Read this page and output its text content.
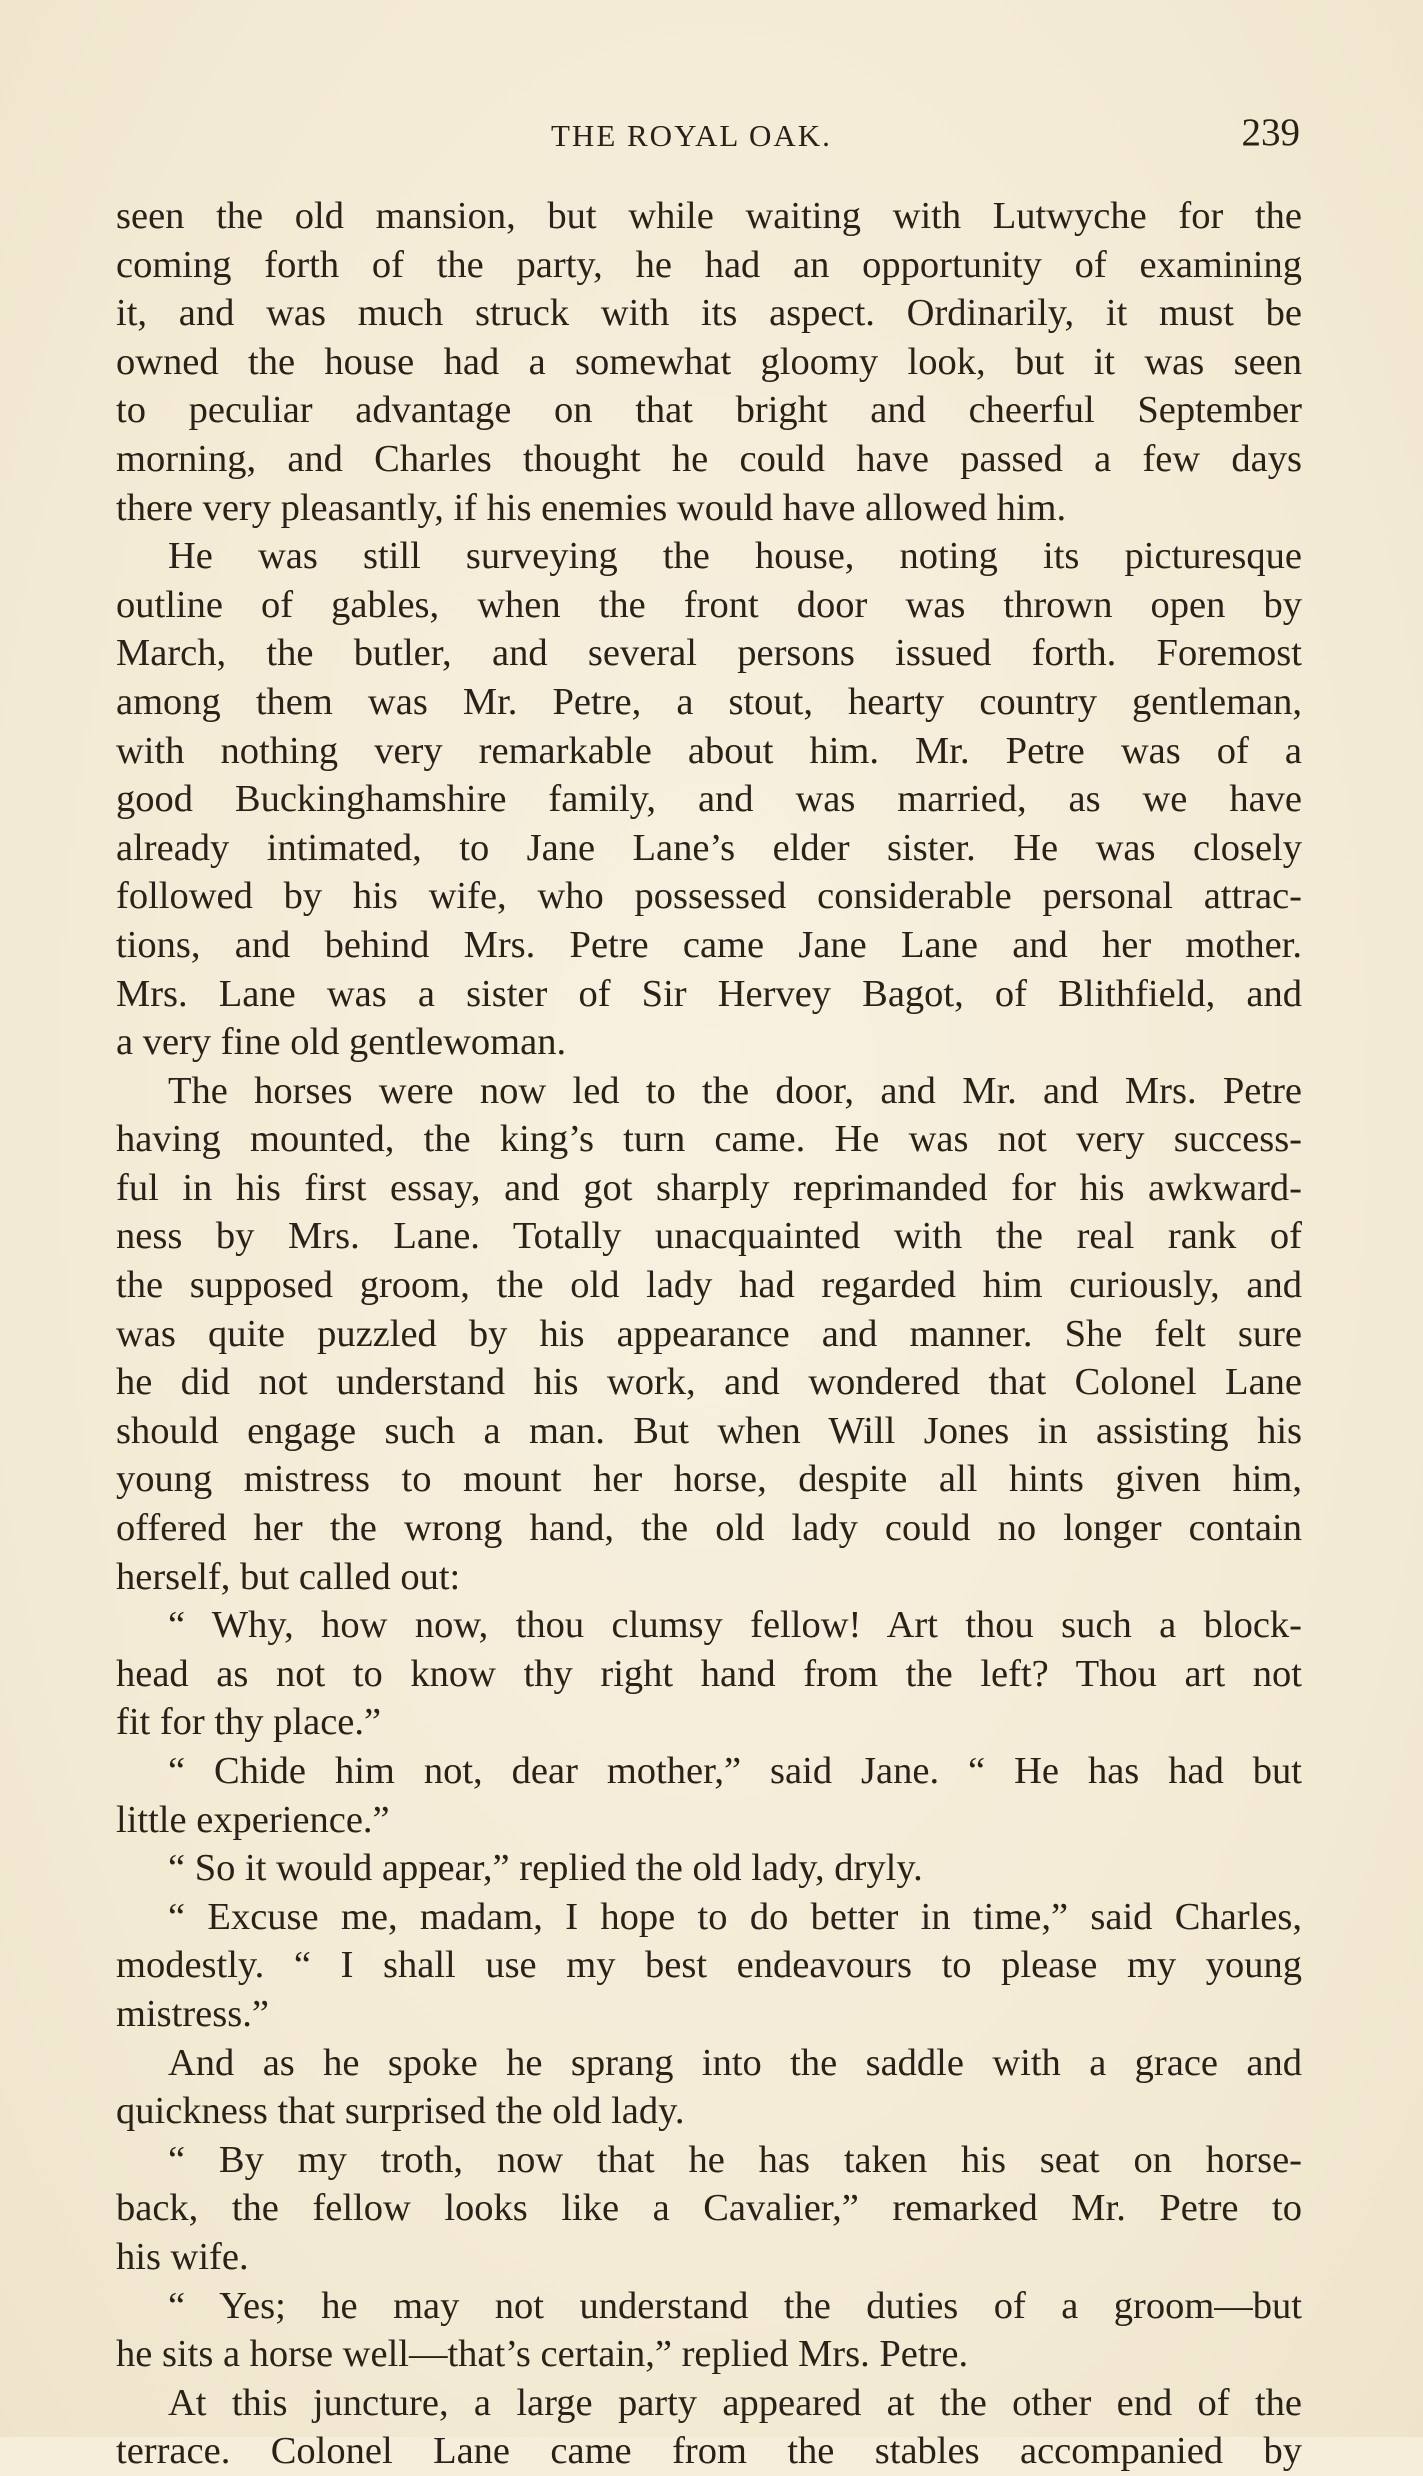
THE ROYAL OAK.	239
seen the old mansion, but while waiting with Lutwyche for the
coming forth of the party, he had an opportunity of examining
it, and was much struck with its aspect. Ordinarily, it must be
owned the house had a somewhat gloomy look, but it was seen
to peculiar advantage on that bright and cheerful September
morning, and Charles thought he could have passed a few days
there very pleasantly, if his enemies would have allowed him.
He was still surveying the house, noting its picturesque
outline of gables, when the front door was thrown open by
March, the butler, and several persons issued forth. Foremost
among them was Mr. Petre, a stout, hearty country gentleman,
with nothing very remarkable about him. Mr. Petre was of a
good Buckinghamshire family, and was married, as we have
already intimated, to Jane Lane’s elder sister. He was closely
followed by his wife, who possessed considerable personal attrac-
tions, and behind Mrs. Petre came Jane Lane and her mother.
Mrs. Lane was a sister of Sir Hervey Bagot, of Blithfield, and
a very fine old gentlewoman.
The horses were now led to the door, and Mr. and Mrs. Petre
having mounted, the king’s turn came. He was not very success-
ful in his first essay, and got sharply reprimanded for his awkward-
ness by Mrs. Lane. Totally unacquainted with the real rank of
the supposed groom, the old lady had regarded him curiously, and
was quite puzzled by his appearance and manner. She felt sure
he did not understand his work, and wondered that Colonel Lane
should engage such a man. But when Will Jones in assisting his
young mistress to mount her horse, despite all hints given him,
offered her the wrong hand, the old lady could no longer contain
herself, but called out:
“ Why, how now, thou clumsy fellow! Art thou such a block-
head as not to know thy right hand from the left? Thou art not
fit for thy place.”
“ Chide him not, dear mother,” said Jane. “ He has had but
little experience.”
“ So it would appear,” replied the old lady, dryly.
“ Excuse me, madam, I hope to do better in time,” said Charles,
modestly. “ I shall use my best endeavours to please my young
mistress.”
And as he spoke he sprang into the saddle with a grace and
quickness that surprised the old lady.
“ By my troth, now that he has taken his seat on horse-
back, the fellow looks like a Cavalier,” remarked Mr. Petre to
his wife.
“ Yes; he may not understand the duties of a groom—but
he sits a horse well—that’s certain,” replied Mrs. Petre.
At this juncture, a large party appeared at the other end of the
terrace. Colonel Lane came from the stables accompanied by
